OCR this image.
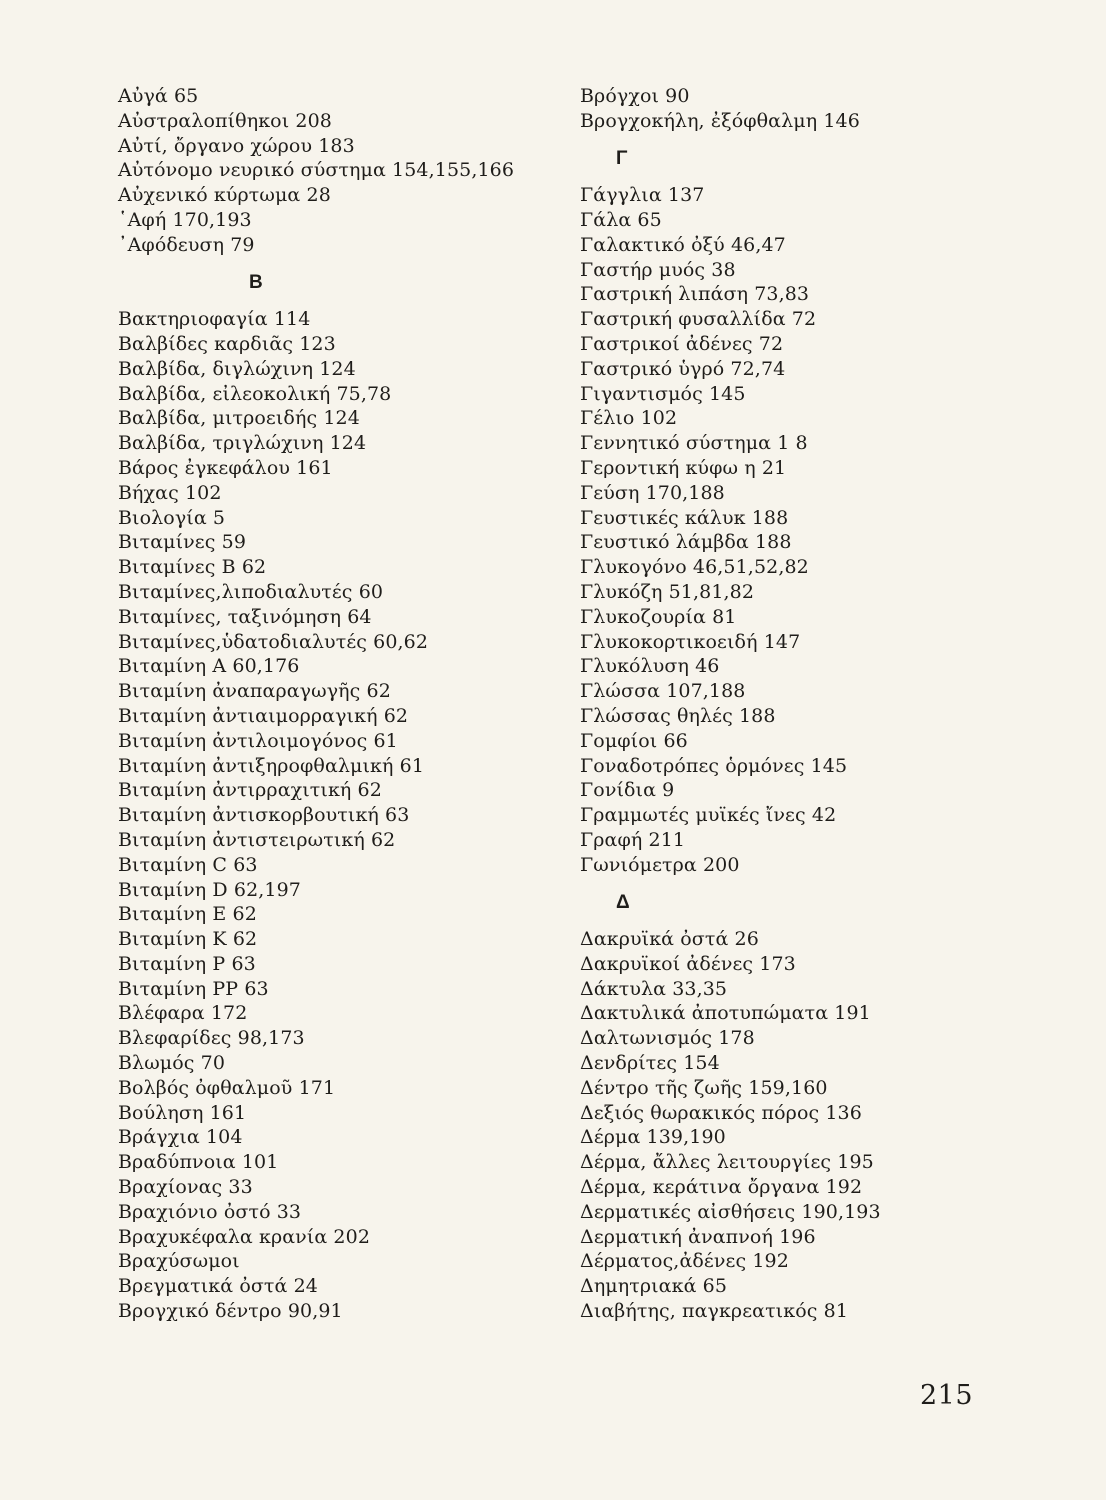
Αὐγά 65
Αὐστραλοπίθηκοι 208
Αὐτί, ὄργανο χώρου 183
Αὐτόνομο νευρικό σύστημα 154,155,166
Αὐχενικό κύρτωμα 28
῾Αφή 170,193
᾿Αφόδευση 79
Β
Βακτηριοφαγία 114
Βαλβίδες καρδιᾶς 123
Βαλβίδα, διγλώχινη 124
Βαλβίδα, εἰλεοκολική 75,78
Βαλβίδα, μιτροειδής 124
Βαλβίδα, τριγλώχινη 124
Βάρος ἐγκεφάλου 161
Βήχας 102
Βιολογία 5
Βιταμίνες 59
Βιταμίνες Β 62
Βιταμίνες,λιποδιαλυτές 60
Βιταμίνες, ταξινόμηση 64
Βιταμίνες,ὑδατοδιαλυτές 60,62
Βιταμίνη Α 60,176
Βιταμίνη ἀναπαραγωγῆς 62
Βιταμίνη ἀντιαιμορραγική 62
Βιταμίνη ἀντιλοιμογόνος 61
Βιταμίνη ἀντιξηροφθαλμική 61
Βιταμίνη ἀντιρραχιτική 62
Βιταμίνη ἀντισκορβουτική 63
Βιταμίνη ἀντιστειρωτική 62
Βιταμίνη C 63
Βιταμίνη D 62,197
Βιταμίνη Ε 62
Βιταμίνη Κ 62
Βιταμίνη Ρ 63
Βιταμίνη PP 63
Βλέφαρα 172
Βλεφαρίδες 98,173
Βλωμός 70
Βολβός ὀφθαλμοῦ 171
Βούληση 161
Βράγχια 104
Βραδύπνοια 101
Βραχίονας 33
Βραχιόνιο ὀστό 33
Βραχυκέφαλα κρανία 202
Βραχύσωμοι
Βρεγματικά ὀστά 24
Βρογχικό δέντρο 90,91
Βρόγχοι 90
Βρογχοκήλη, ἐξόφθαλμη 146
Γ
Γάγγλια 137
Γάλα 65
Γαλακτικό ὀξύ 46,47
Γαστήρ μυός 38
Γαστρική λιπάση 73,83
Γαστρική φυσαλλίδα 72
Γαστρικοί ἀδένες 72
Γαστρικό ὑγρό 72,74
Γιγαντισμός 145
Γέλιο 102
Γεννητικό σύστημα 1 8
Γεροντική κύφω η 21
Γεύση 170,188
Γευστικές κάλυκ 188
Γευστικό λάμβδα 188
Γλυκογόνο 46,51,52,82
Γλυκόζη 51,81,82
Γλυκοζουρία 81
Γλυκοκορτικοειδή 147
Γλυκόλυση 46
Γλώσσα 107,188
Γλώσσας θηλές 188
Γομφίοι 66
Γοναδοτρόπες ὁρμόνες 145
Γονίδια 9
Γραμμωτές μυϊκές ἴνες 42
Γραφή 211
Γωνιόμετρα 200
Δ
Δακρυϊκά ὀστά 26
Δακρυϊκοί ἀδένες 173
Δάκτυλα 33,35
Δακτυλικά ἀποτυπώματα 191
Δαλτωνισμός 178
Δενδρίτες 154
Δέντρο τῆς ζωῆς 159,160
Δεξιός θωρακικός πόρος 136
Δέρμα 139,190
Δέρμα, ἄλλες λειτουργίες 195
Δέρμα, κεράτινα ὄργανα 192
Δερματικές αἰσθήσεις 190,193
Δερματική ἀναπνοή 196
Δέρματος,ἀδένες 192
Δημητριακά 65
Διαβήτης, παγκρεατικός 81
215
